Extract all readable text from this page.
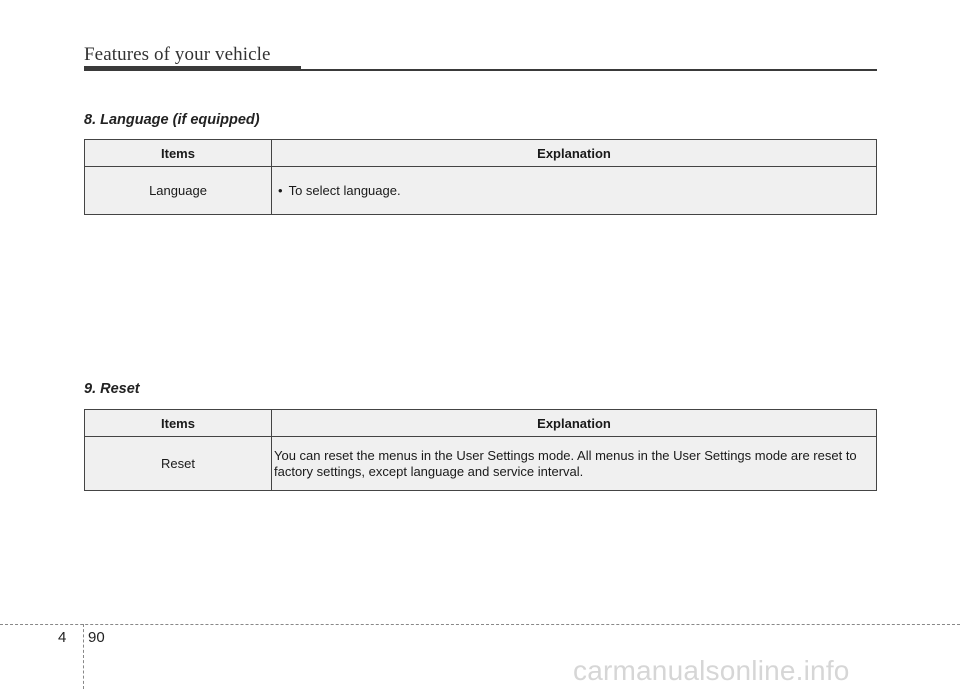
Features of your vehicle
8. Language (if equipped)
Items	Explanation
Language	• To select language.
9. Reset
Items	Explanation
Reset	You can reset the menus in the User Settings mode. All menus in the User Settings mode are reset to factory settings, except language and service interval.
4 90
carmanualsonline.info
